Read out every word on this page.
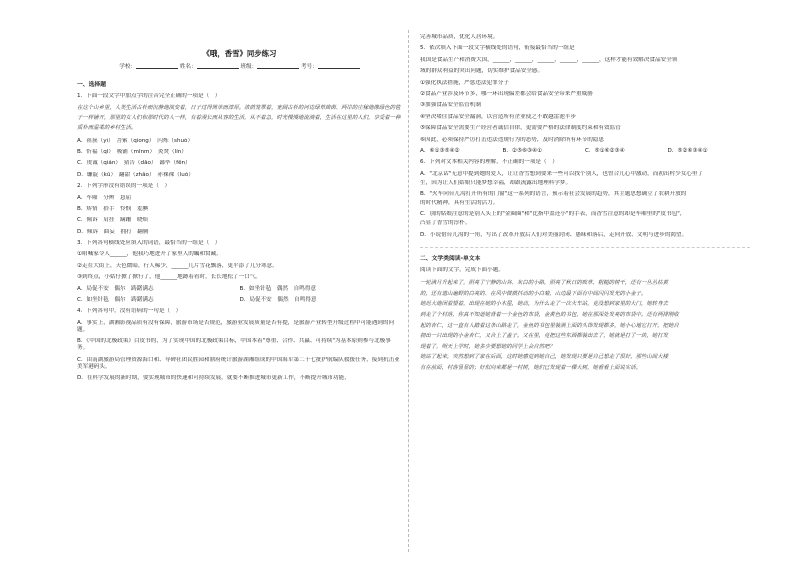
《哦，香雪》同步练习
学校：	姓名：	班级：	考号：
一、选择题
1．下面一段文字中加点字的注音完全正确的一项是（　）
在这个山乡里，人类生活古朴而沉静地演变着，日子过得简单而淳厚。浓荫笼罩着，宽阔古朴的河边绿草茵茵、两岸的庄稼地像绿色的毯子一样铺开，那里的女人们和那时代的人一样，有着漫长而从容的生活，从不着急，时光慢慢地流淌着，生活在这里的人们，享受着一种质朴而温柔的乡村生活。
A．祖簇（yì）　菩萦（qiong）　闪烁（shuò）
B．忻福（qǐ）　吸铺（mǐnm）　炎焚（lín）
C．虔诚（qián）　猜告（dǎo）　鄙毕（fēn）
D．镰靛（kū）　翻甜（zhāo）　赤裸裸（luǒ）
2．下列字形没有错误的一项是（　）
A．车厢　分辨　恳屈
B．矫情　拾手　怜悯　羞腆
C．倾诉　肩挂　蹒跚　晓烦
D．倾诉　曲妄　拥打　翻腾
3．下列各句横线处应填入的词语，最恰当的一组是（　）
①咱喊家令人______，他我巧地进开了家里人的瞩和窝藏。
②走在大街上，天色微暗，行人稀少，______几片雪花飘落，更平添了几分寒意。
③到终点，小姑仔掀了掀行了，他______地蹲着看时，长长地松了一口气。
A．局促不安　偶尔　踌躇满志	B．如坐针毡　偶然　自鸣得意
C．如坐针毡　偶尔　踌躇满志	D．局促不安　偶然　自鸣得意
4．下列各句中，没有语病的一句是（　）
A．事实上，湖湘影视品质有没有保障，旅游市场是否规范，旅游业发展质量是否有提，是旅游产业转型升级过程中可能遇到的问题。
B．《中国的北极政策》白皮书的，为了实现中国的北极政策目标，中国本着"尊重、合作、共赢、可持续"为基本原则参与北极事务。
C．由南湖旅游局管理资源海口和、导碑社团民胜园和鼎府统计旅游湖湘组成的中国海军第二十七批护航编队救援任务，接到抗击亚美军港码头。
D．在科学发展的新时期，要实现城市的快速和可持续发展，就要不断推进城市更新工作，不断提升城市功能，
完善城市品质，优化人居环境。
5．依次填入下面一段文字横线处的语句，衔接最恰当的一组是
我国是食品生产和消费大国，______，______，______，______，______，这样才能有效解决食品安全领
域的群众利益的突出问题，切实维护食品安全感。
①强化执法措施，严惩违法犯罪分子
②食品产业涉及环节多，哪一环出现偏差都会给食品安全带来严重威胁
③加强食品安全监管机制
④坚决堵住食品安全漏洞，以营造所有企业使之不敢越雷池半步
⑤保障食品安全需要生产经营者诚信自律，更需要严格的法律制度约束和有效监管
⑥因此，必须保持严厉打击违法违规行为的态势，及时消除所有环节的隐患
A．⑥①③⑤④②	B．②⑤⑥③④①	C．⑤①⑥②③④	D．⑤②⑥③④①
6．下列对文本相关内容的理解，不正确的一项是（　）
A．"北京话"无意中提到她的爱人，让让香雪想到要来一些可以找个别人，也曾合儿心中激动，而初出村少女心里了
生，因为让人们姑娘只能梦想幸福，却跟流露出地理科学梦。
B．"火车向台儿沟打开所有的门窗"这一系列的语言，预示着社会发展的趋势，其主题思想确立了农耕开放的
的时代精神，具有生活的活力。
C．别的姑娘注意的是别人头上的"金圈圈"和"比指甲盖还小"的手表，而香雪注意的却是车厢里的"皮书包"，
凸显了香雪的淳朴。
D．小说借台儿沟的一角，写出了改革开放后人们对美丽封闭、愚昧和落后，走向开放、文明与进步的渴望。
二、文学类阅读-单文本
阅读下面的文字，完成下面小题。
一轮满月升起来了，照亮了宁静的山谷、灰白的小路，照亮了秋日的败草、粗糙的树干，还有一丛丛枯黄
的，还有遗山遍野的白亮的、在风中微微抖动的小白菊，山边最下面有中间闪闪发光的小金子。
她迟大地闭着望着，出现在她的小木屋，她动，为什么走了一次火车站，竟没想到家里的大门，她转身去
到走了个村落，你真不知道她背着一个金色的布袋，金黄色的书包，她在那深处发亮的布袋中。还有两排刚收
起的杏仁，这一直有人踏着这条山路走了，金鱼的书包里装满上面的头饰发现都多，她小心地它打开，把她自
拥出一只出现的小金杏仁，又合上了盖子。又在里，竟把这些东西都装出去了，她就是打了一块，她打发
现着了，明天上学时，她多少要想她的同学上会自然吧？
她站了起来，突然想到了家在后面，这时她感觉到她自己，她发现只要是自己想走了很好，那些山间大楼
有在前面，村落显显的；好似向来都是一村树，她们已发现着一棵大树，她看看上面说实话。
